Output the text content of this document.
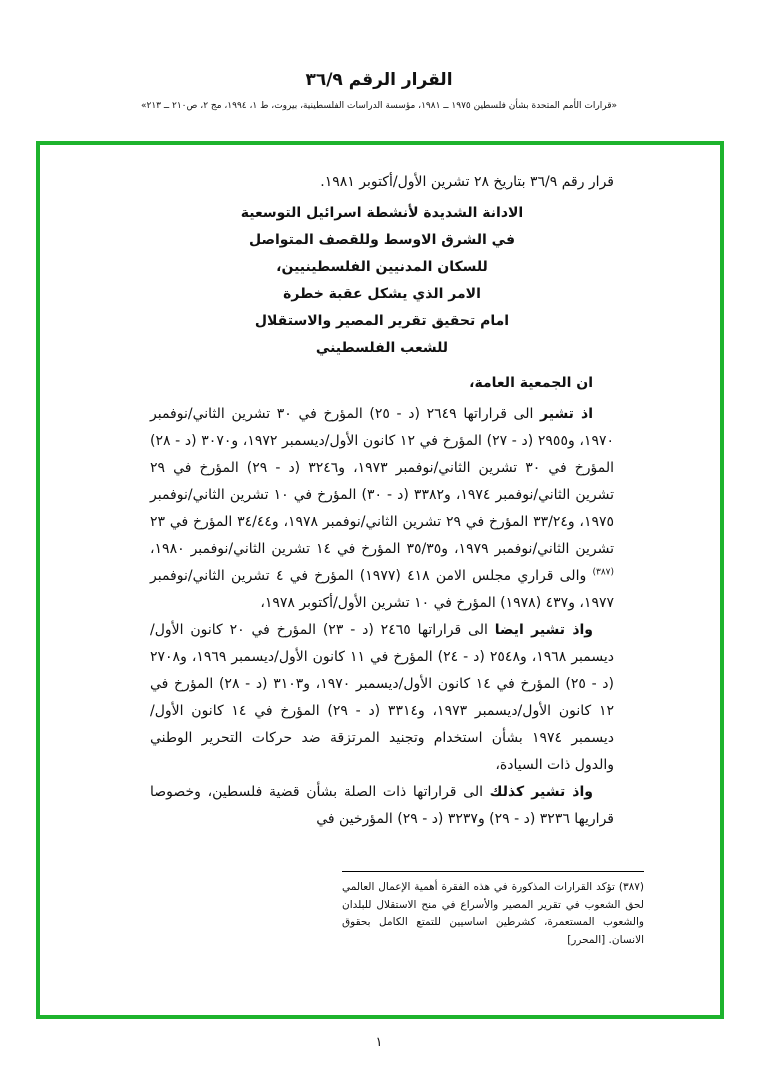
القرار الرقم ٣٦/٩
«قرارات الأمم المتحدة بشأن فلسطين ١٩٧٥ ــ ١٩٨١، مؤسسة الدراسات الفلسطينية، بيروت، ط ١، ١٩٩٤، مج ٢، ص٢١٠ ــ ٢١٣»

قرار رقم ٣٦/٩ بتاريخ ٢٨ تشرين الأول/أكتوبر ١٩٨١.

الادانة الشديدة لأنشطة اسرائيل التوسعية
في الشرق الاوسط وللقصف المتواصل
للسكان المدنيين الفلسطينيين،
الامر الذي يشكل عقبة خطرة
امام تحقيق تقرير المصير والاستقلال
للشعب الفلسطيني

ان الجمعية العامة،

اذ تشير الى قراراتها ٢٦٤٩ (د - ٢٥) المؤرخ في ٣٠ تشرين الثاني/نوفمبر ١٩٧٠، و٢٩٥٥ (د - ٢٧) المؤرخ في ١٢ كانون الأول/ديسمبر ١٩٧٢، و٣٠٧٠ (د - ٢٨) المؤرخ في ٣٠ تشرين الثاني/نوفمبر ١٩٧٣، و٣٢٤٦ (د - ٢٩) المؤرخ في ٢٩ تشرين الثاني/نوفمبر ١٩٧٤، و٣٣٨٢ (د - ٣٠) المؤرخ في ١٠ تشرين الثاني/نوفمبر ١٩٧٥، و٣٣/٢٤ المؤرخ في ٢٩ تشرين الثاني/نوفمبر ١٩٧٨، و٣٤/٤٤ المؤرخ في ٢٣ تشرين الثاني/نوفمبر ١٩٧٩، و٣٥/٣٥ المؤرخ في ١٤ تشرين الثاني/نوفمبر ١٩٨٠،$^{(٣٨٧)}$ والى قراري مجلس الامن ٤١٨ (١٩٧٧) المؤرخ في ٤ تشرين الثاني/نوفمبر ١٩٧٧، و٤٣٧ (١٩٧٨) المؤرخ في ١٠ تشرين الأول/أكتوبر ١٩٧٨،

واذ تشير ايضا الى قراراتها ٢٤٦٥ (د - ٢٣) المؤرخ في ٢٠ كانون الأول/ديسمبر ١٩٦٨، و٢٥٤٨ (د - ٢٤) المؤرخ في ١١ كانون الأول/ديسمبر ١٩٦٩، و٢٧٠٨ (د - ٢٥) المؤرخ في ١٤ كانون الأول/ديسمبر ١٩٧٠، و٣١٠٣ (د - ٢٨) المؤرخ في ١٢ كانون الأول/ديسمبر ١٩٧٣، و٣٣١٤ (د - ٢٩) المؤرخ في ١٤ كانون الأول/ديسمبر ١٩٧٤ بشأن استخدام وتجنيد المرتزقة ضد حركات التحرير الوطني والدول ذات السيادة،

واذ تشير كذلك الى قراراتها ذات الصلة بشأن قضية فلسطين، وخصوصا قراريها ٣٢٣٦ (د - ٢٩) و٣٢٣٧ (د - ٢٩) المؤرخين في

(٣٨٧) تؤكد القرارات المذكورة في هذه الفقرة أهمية الإعمال العالمي لحق الشعوب في تقرير المصير والأسراع في منح الاستقلال للبلدان والشعوب المستعمرة، كشرطين اساسيين للتمتع الكامل بحقوق الانسان. [المحرر]
١
